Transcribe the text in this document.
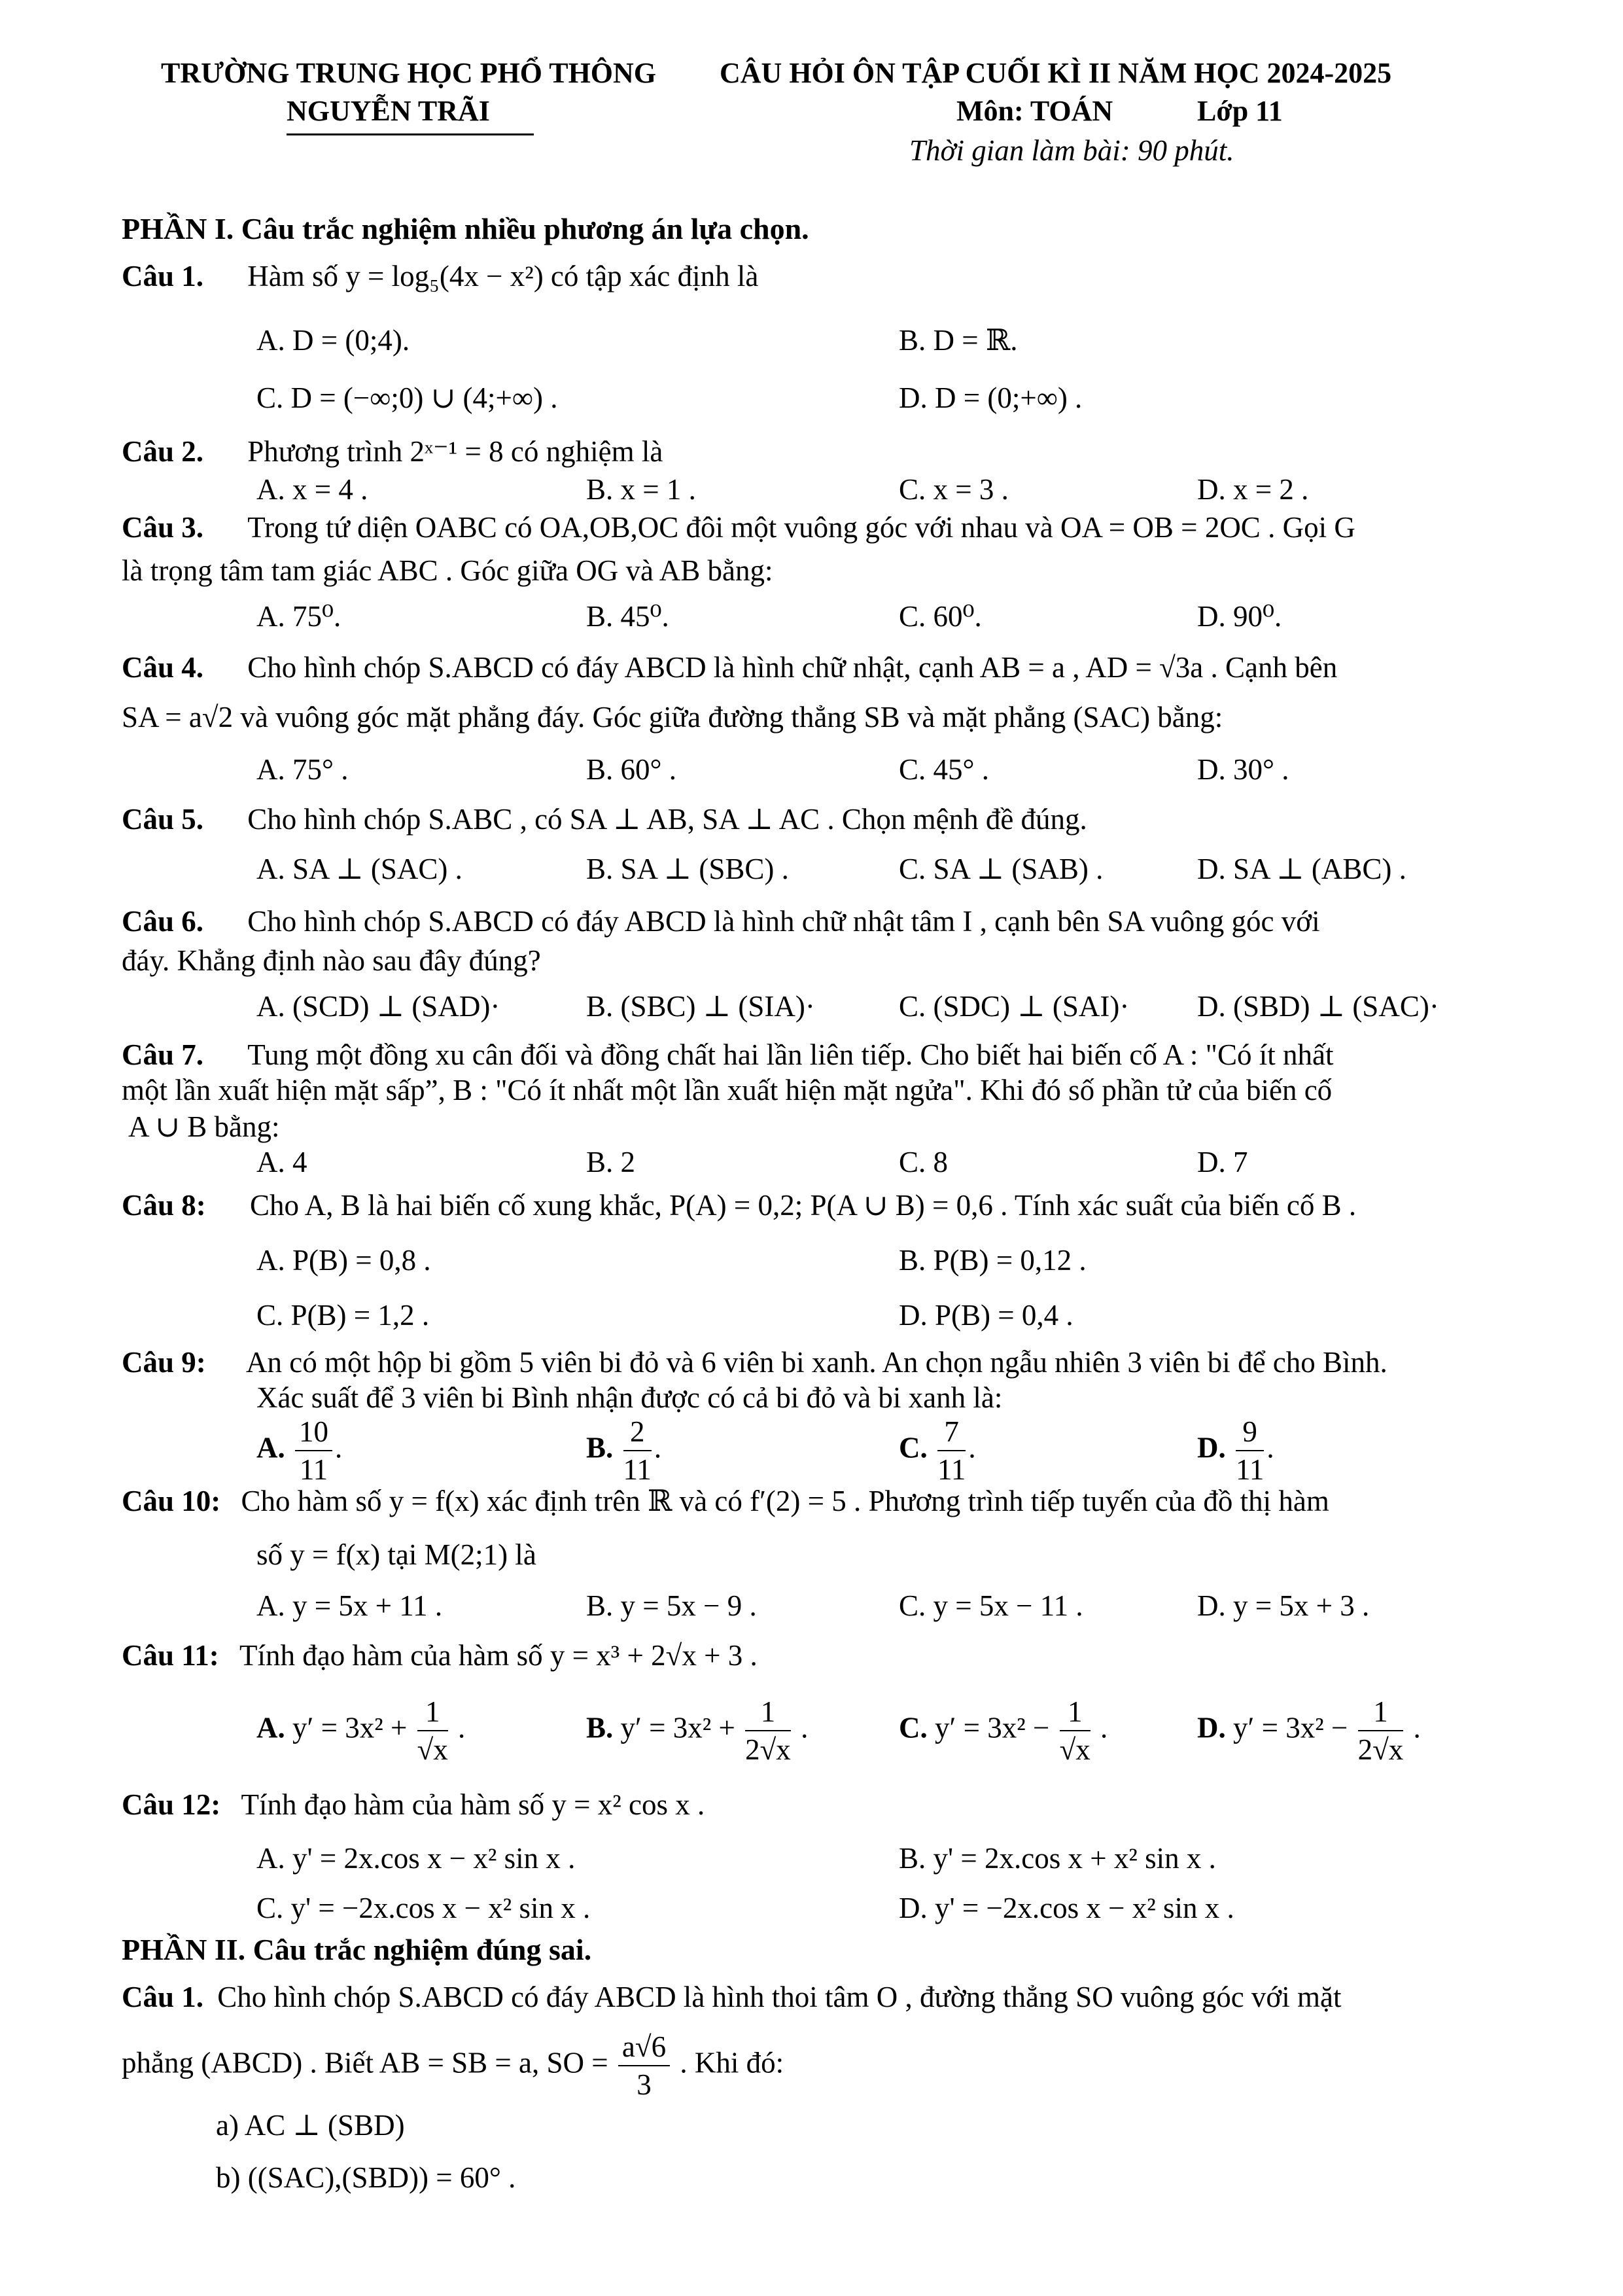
TRƯỜNG TRUNG HỌC PHỔ THÔNG
NGUYỄN TRÃI
CÂU HỎI ÔN TẬP CUỐI KÌ II NĂM HỌC 2024-2025
Môn: TOÁN	Lớp 11
Thời gian làm bài: 90 phút.
PHẦN I. Câu trắc nghiệm nhiều phương án lựa chọn.
Câu 1. Hàm số y = log₅(4x − x²) có tập xác định là
A. D = (0;4).	B. D = ℝ.
C. D = (−∞;0) ∪ (4;+∞) .	D. D = (0;+∞) .
Câu 2. Phương trình 2ˣ⁻¹ = 8 có nghiệm là
A. x = 4 .	B. x = 1 .	C. x = 3 .	D. x = 2 .
Câu 3. Trong tứ diện OABC có OA,OB,OC đôi một vuông góc với nhau và OA = OB = 2OC . Gọi G
là trọng tâm tam giác ABC . Góc giữa OG và AB bằng:
A. 75⁰.	B. 45⁰.	C. 60⁰.	D. 90⁰.
Câu 4. Cho hình chóp S.ABCD có đáy ABCD là hình chữ nhật, cạnh AB = a , AD = √3a . Cạnh bên
SA = a√2 và vuông góc mặt phẳng đáy. Góc giữa đường thẳng SB và mặt phẳng (SAC) bằng:
A. 75° .	B. 60° .	C. 45° .	D. 30° .
Câu 5. Cho hình chóp S.ABC , có SA ⊥ AB, SA ⊥ AC . Chọn mệnh đề đúng.
A. SA ⊥ (SAC) .	B. SA ⊥ (SBC) .	C. SA ⊥ (SAB) .	D. SA ⊥ (ABC) .
Câu 6. Cho hình chóp S.ABCD có đáy ABCD là hình chữ nhật tâm I , cạnh bên SA vuông góc với
đáy. Khẳng định nào sau đây đúng?
A. (SCD) ⊥ (SAD)·	B. (SBC) ⊥ (SIA)·	C. (SDC) ⊥ (SAI)· D. (SBD) ⊥ (SAC)·
Câu 7. Tung một đồng xu cân đối và đồng chất hai lần liên tiếp. Cho biết hai biến cố A : "Có ít nhất
một lần xuất hiện mặt sấp”, B : "Có ít nhất một lần xuất hiện mặt ngửa". Khi đó số phần tử của biến cố
A ∪ B bằng:
A. 4	B. 2	C. 8	D. 7
Câu 8: Cho A, B là hai biến cố xung khắc, P(A) = 0,2; P(A ∪ B) = 0,6 . Tính xác suất của biến cố B .
A. P(B) = 0,8 .	B. P(B) = 0,12 .
C. P(B) = 1,2 .	D. P(B) = 0,4 .
Câu 9: An có một hộp bi gồm 5 viên bi đỏ và 6 viên bi xanh. An chọn ngẫu nhiên 3 viên bi để cho Bình.
Xác suất để 3 viên bi Bình nhận được có cả bi đỏ và bi xanh là:
A. $\frac{10}{11}$ .	B. $\frac{2}{11}$ .	C. $\frac{7}{11}$ .	D. $\frac{9}{11}$ .
Câu 10: Cho hàm số y = f(x) xác định trên ℝ và có f′(2) = 5 . Phương trình tiếp tuyến của đồ thị hàm
số y = f(x) tại M(2;1) là
A. y = 5x + 11 .	B. y = 5x − 9 .	C. y = 5x − 11 .	D. y = 5x + 3 .
Câu 11: Tính đạo hàm của hàm số y = x³ + 2√x + 3 .
A. $y' = 3x^2 + \frac{1}{√x}$ .	B. $y' = 3x^2 + \frac{1}{2√x}$ .	C. $y' = 3x^2 - \frac{1}{√x}$ .	D. $y' = 3x^2 - \frac{1}{2√x}$ .
Câu 12: Tính đạo hàm của hàm số y = x² cos x .
A. y' = 2x.cos x − x² sin x .	B. y' = 2x.cos x + x² sin x .
C. y' = −2x.cos x − x² sin x .	D. y' = −2x.cos x − x² sin x .
PHẦN II. Câu trắc nghiệm đúng sai.
Câu 1. Cho hình chóp S.ABCD có đáy ABCD là hình thoi tâm O , đường thẳng SO vuông góc với mặt
phẳng (ABCD) . Biết AB = SB = a, SO = $\frac{a√6}{3}$ . Khi đó:
a) AC ⊥ (SBD)
b) ((SAC),(SBD)) = 60° .
